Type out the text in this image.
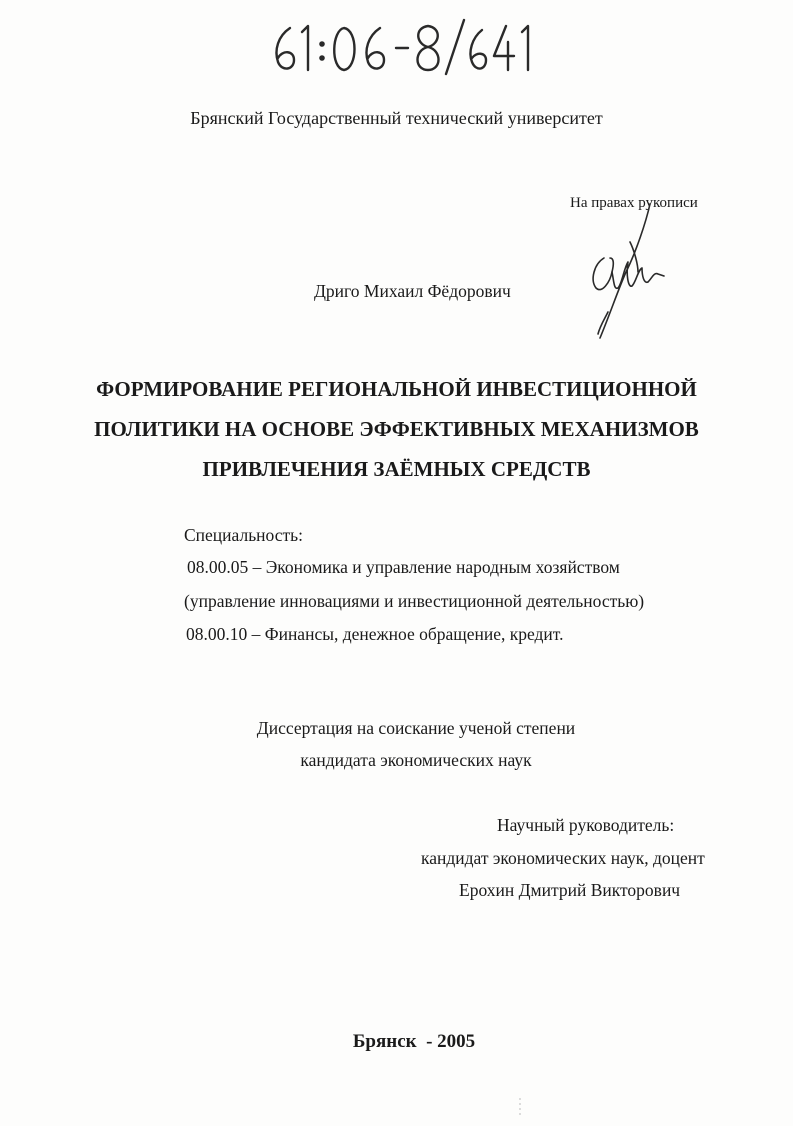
Брянский Государственный технический университет
На правах рукописи
Дриго Михаил Фёдорович
ФОРМИРОВАНИЕ РЕГИОНАЛЬНОЙ ИНВЕСТИЦИОННОЙ
ПОЛИТИКИ НА ОСНОВЕ ЭФФЕКТИВНЫХ МЕХАНИЗМОВ
ПРИВЛЕЧЕНИЯ ЗАЁМНЫХ СРЕДСТВ
Специальность:
08.00.05 – Экономика и управление народным хозяйством
(управление инновациями и инвестиционной деятельностью)
08.00.10 – Финансы, денежное обращение, кредит.
Диссертация на соискание ученой степени
кандидата экономических наук
Научный руководитель:
кандидат экономических наук, доцент
Ерохин Дмитрий Викторович
Брянск  - 2005
